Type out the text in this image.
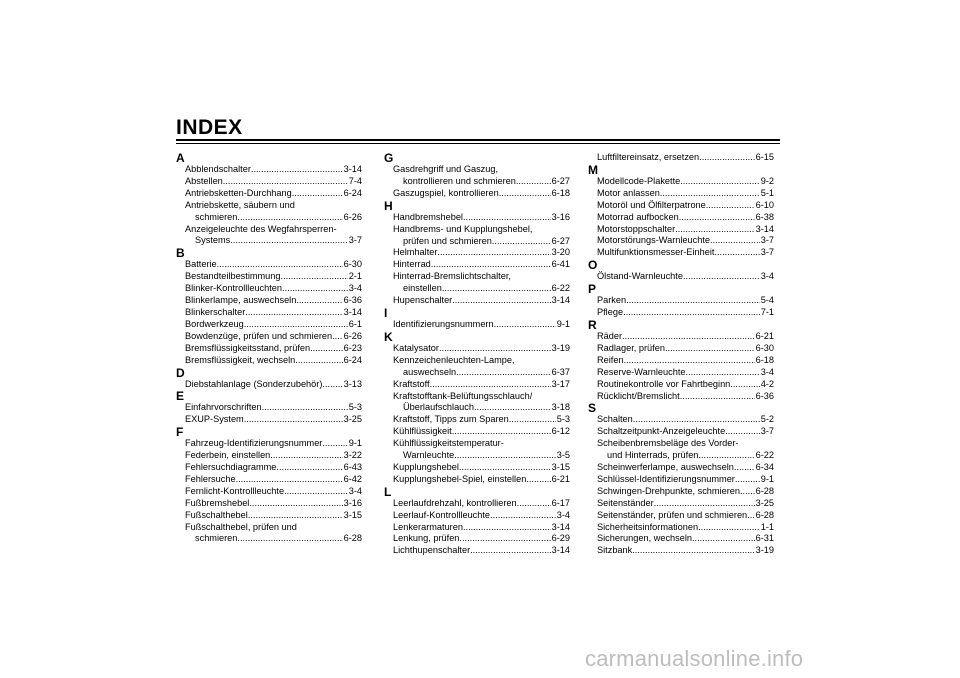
INDEX
A
Abblendschalter .....	3-14
Abstellen .....	7-4
Antriebsketten-Durchhang .....	6-24
Antriebskette, säubern und
schmieren .....	6-26
Anzeigeleuchte des Wegfahrsperren-
Systems .....	3-7
B
Batterie .....	6-30
Bestandteilbestimmung .....	2-1
Blinker-Kontrollleuchten .....	3-4
Blinkerlampe, auswechseln .....	6-36
Blinkerschalter .....	3-14
Bordwerkzeug .....	6-1
Bowdenzüge, prüfen und schmieren ..... 6-26
Bremsflüssigkeitsstand, prüfen .....	6-23
Bremsflüssigkeit, wechseln .....	6-24
D
Diebstahlanlage (Sonderzubehör) ..... 3-13
E
Einfahrvorschriften .....	5-3
EXUP-System .....	3-25
F
Fahrzeug-Identifizierungsnummer .....	9-1
Federbein, einstellen .....	3-22
Fehlersuchdiagramme .....	6-43
Fehlersuche .....	6-42
Fernlicht-Kontrollleuchte .....	3-4
Fußbremshebel .....	3-16
Fußschalthebel .....	3-15
Fußschalthebel, prüfen und
schmieren .....	6-28
G
Gasdrehgriff und Gaszug,
kontrollieren und schmieren .....	6-27
Gaszugspiel, kontrollieren .....	6-18
H
Handbremshebel .....	3-16
Handbrems- und Kupplungshebel,
prüfen und schmieren .....	6-27
Helmhalter .....	3-20
Hinterrad .....	6-41
Hinterrad-Bremslichtschalter,
einstellen .....	6-22
Hupenschalter .....	3-14
I
Identifizierungsnummern .....	9-1
K
Katalysator .....	3-19
Kennzeichenleuchten-Lampe,
auswechseln .....	6-37
Kraftstoff .....	3-17
Kraftstofftank-Belüftungsschlauch/
Überlaufschlauch .....	3-18
Kraftstoff, Tipps zum Sparen .....	5-3
Kühlflüssigkeit .....	6-12
Kühlflüssigkeitstemperatur-
Warnleuchte .....	3-5
Kupplungshebel .....	3-15
Kupplungshebel-Spiel, einstellen .....	6-21
L
Leerlaufdrehzahl, kontrollieren .....	6-17
Leerlauf-Kontrollleuchte .....	3-4
Lenkerarmaturen .....	3-14
Lenkung, prüfen .....	6-29
Lichthupenschalter .....	3-14
Luftfiltereinsatz, ersetzen .....	6-15
M
Modellcode-Plakette .....	9-2
Motor anlassen .....	5-1
Motoröl und Ölfilterpatrone .....	6-10
Motorrad aufbocken .....	6-38
Motorstoppschalter .....	3-14
Motorstörungs-Warnleuchte .....	3-7
Multifunktionsmesser-Einheit .....	3-7
O
Ölstand-Warnleuchte .....	3-4
P
Parken .....	5-4
Pflege .....	7-1
R
Räder .....	6-21
Radlager, prüfen .....	6-30
Reifen .....	6-18
Reserve-Warnleuchte .....	3-4
Routinekontrolle vor Fahrtbeginn .....	4-2
Rücklicht/Bremslicht .....	6-36
S
Schalten .....	5-2
Schaltzeitpunkt-Anzeigeleuchte .....	3-7
Scheibenbremsbeläge des Vorder-
und Hinterrads, prüfen .....	6-22
Scheinwerferlampe, auswechseln ..... 6-34
Schlüssel-Identifizierungsnummer .....	9-1
Schwingen-Drehpunkte, schmieren ..... 6-28
Seitenständer .....	3-25
Seitenständer, prüfen und schmieren ..... 6-28
Sicherheitsinformationen .....	1-1
Sicherungen, wechseln .....	6-31
Sitzbank .....	3-19
carmanualsonline.info
